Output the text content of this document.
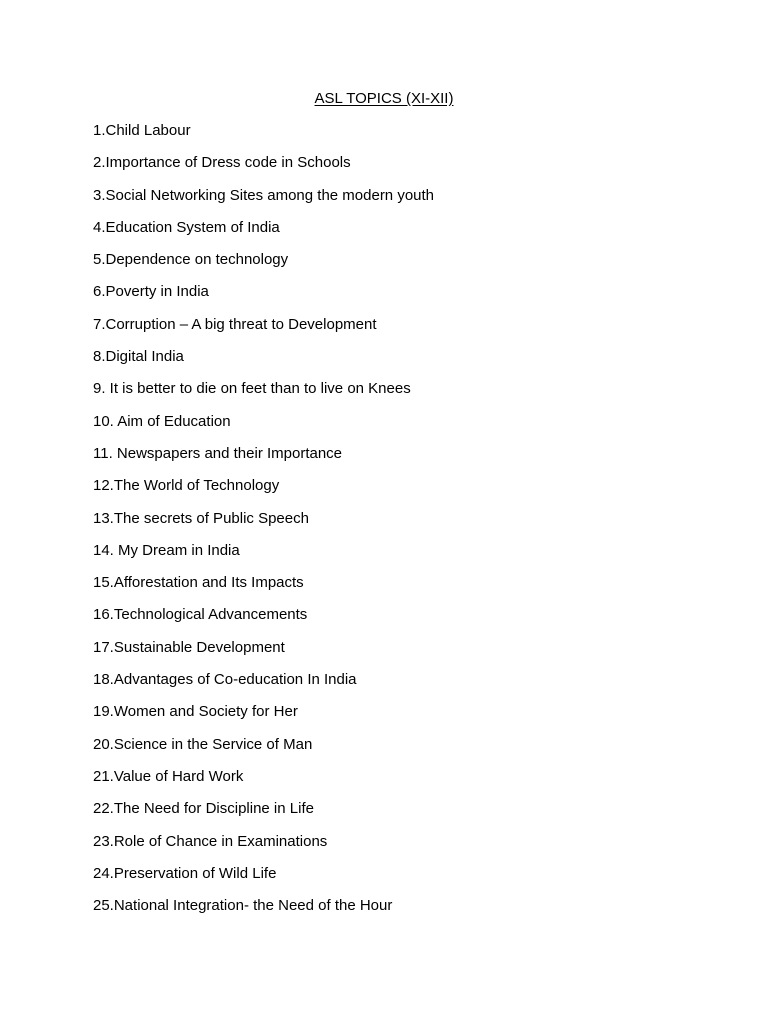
ASL TOPICS (XI-XII)
1.Child Labour
2.Importance of Dress code in Schools
3.Social Networking Sites among the modern youth
4.Education System of India
5.Dependence on technology
6.Poverty in India
7.Corruption – A big threat to Development
8.Digital India
9. It is better to die on feet than to live on Knees
10. Aim of Education
11. Newspapers and their Importance
12.The World of Technology
13.The secrets of Public Speech
14. My Dream in India
15.Afforestation and Its Impacts
16.Technological Advancements
17.Sustainable Development
18.Advantages of Co-education In India
19.Women and Society for Her
20.Science in the Service of Man
21.Value of Hard Work
22.The Need for Discipline in Life
23.Role of Chance in Examinations
24.Preservation of Wild Life
25.National Integration- the Need of the Hour
